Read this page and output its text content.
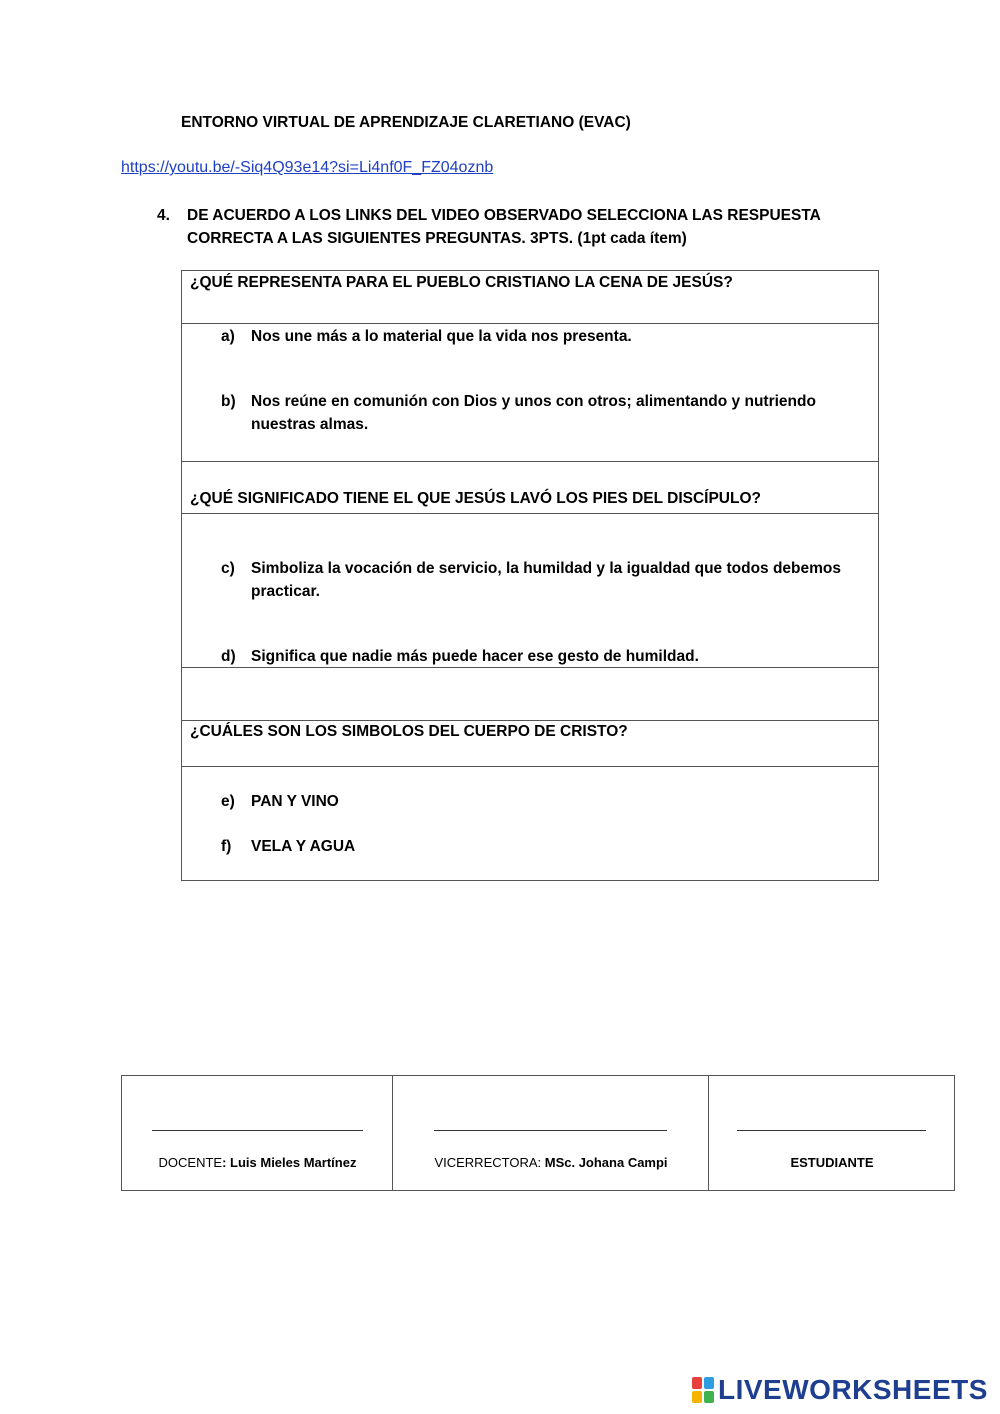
ENTORNO VIRTUAL DE APRENDIZAJE CLARETIANO (EVAC)
https://youtu.be/-Siq4Q93e14?si=Li4nf0F_FZ04oznb
4. DE ACUERDO A LOS LINKS DEL VIDEO OBSERVADO SELECCIONA LAS RESPUESTA
CORRECTA A LAS SIGUIENTES PREGUNTAS. 3PTS. (1pt cada ítem)
¿QUÉ REPRESENTA PARA EL PUEBLO CRISTIANO LA CENA DE JESÚS?
a) Nos une más a lo material que la vida nos presenta.
b) Nos reúne en comunión con Dios y unos con otros; alimentando y nutriendo nuestras almas.
¿QUÉ SIGNIFICADO TIENE EL QUE JESÚS LAVÓ LOS PIES DEL DISCÍPULO?
c) Simboliza la vocación de servicio, la humildad y la igualdad que todos debemos practicar.
d) Significa que nadie más puede hacer ese gesto de humildad.
¿CUÁLES SON LOS SIMBOLOS DEL CUERPO DE CRISTO?
e) PAN Y VINO
f) VELA Y AGUA
DOCENTE: Luis Mieles Martínez	VICERRECTORA: MSc. Johana Campi	ESTUDIANTE
LIVEWORKSHEETS
